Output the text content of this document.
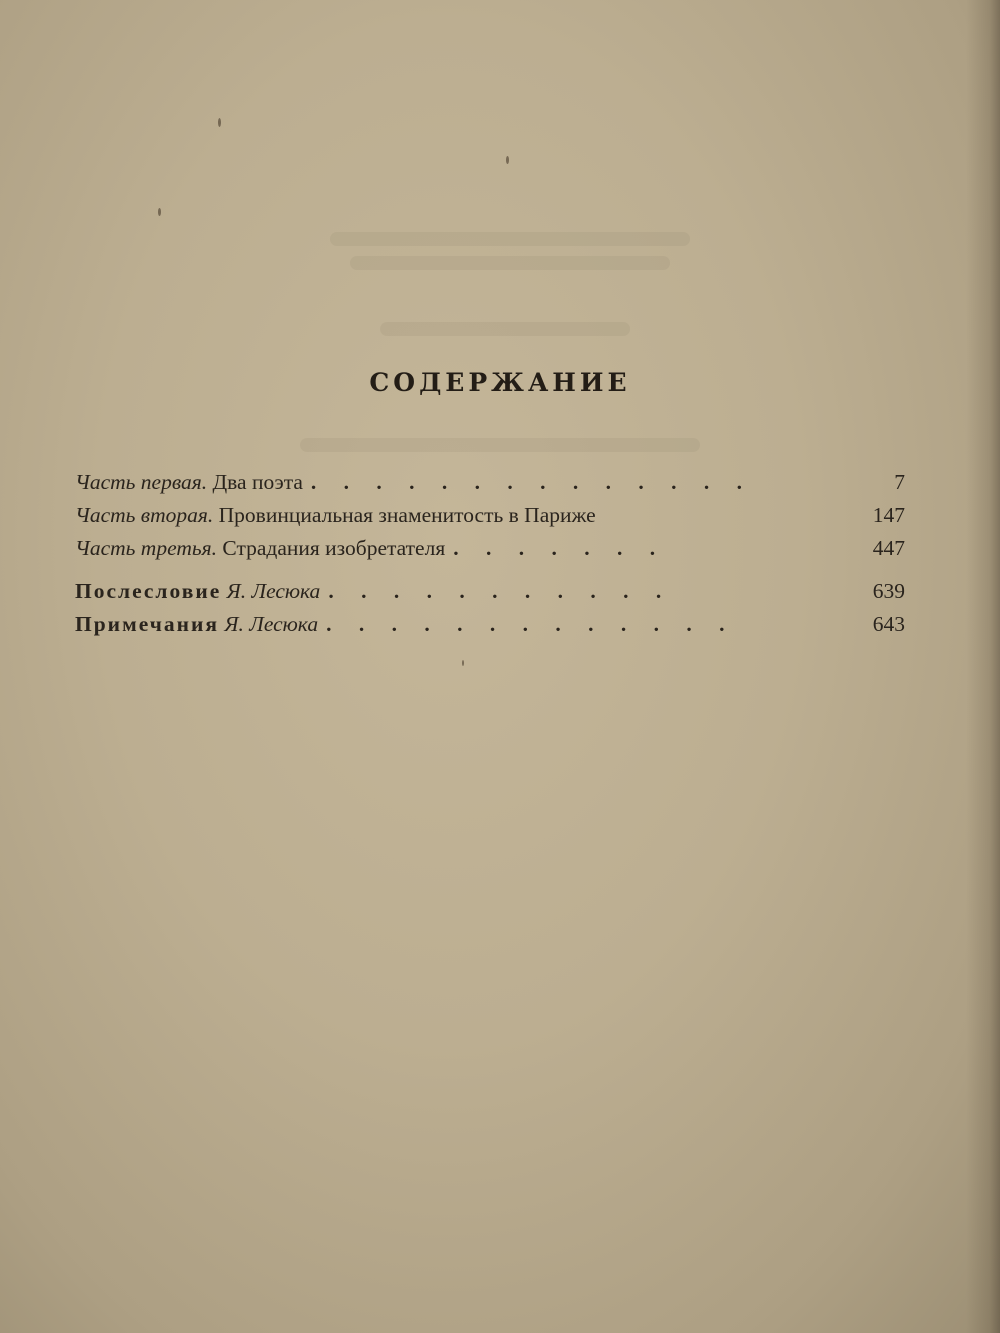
СОДЕРЖАНИЕ
Часть первая.
Два поэта . . . . . . . . . . . . . .	7
Часть вторая.
Провинциальная знаменитость в Париже	147
Часть третья.
Страдания изобретателя . . . . . . .	447
Послесловие
Я. Лесюка . . . . . . . . . . .	639
Примечания
Я. Лесюка . . . . . . . . . . . . .	643
